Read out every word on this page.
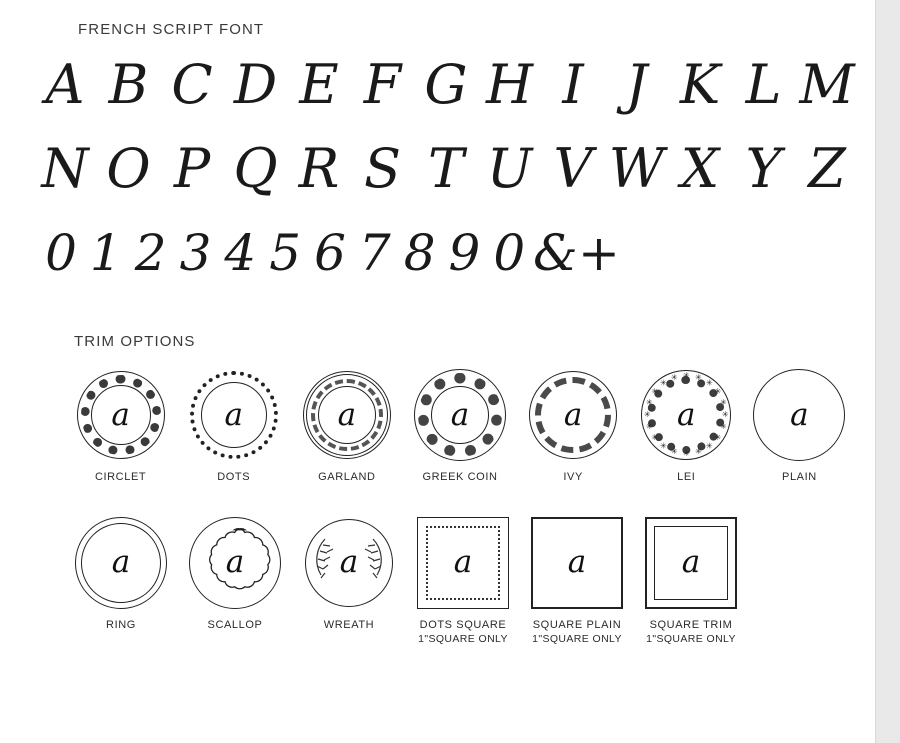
FRENCH SCRIPT FONT
A B C D E F G H I J K L M
N O P Q R S T U V W X Y Z
0 1 2 3 4 5 6 7 8 9 0 & +
TRIM OPTIONS
a
CIRCLET
a
DOTS
a
GARLAND
a
GREEK COIN
a
IVY
a	✳
✳
✳
✳
✳
✳
✳
✳
✳
✳
✳
✳
✳
✳
✳ ✳ ✳
✳
✳
✳
LEI
a
PLAIN
a
RING
a
SCALLOP
a
WREATH
a
DOTS SQUARE
1"SQUARE ONLY
a
SQUARE PLAIN
1"SQUARE ONLY
a
SQUARE TRIM
1"SQUARE ONLY
